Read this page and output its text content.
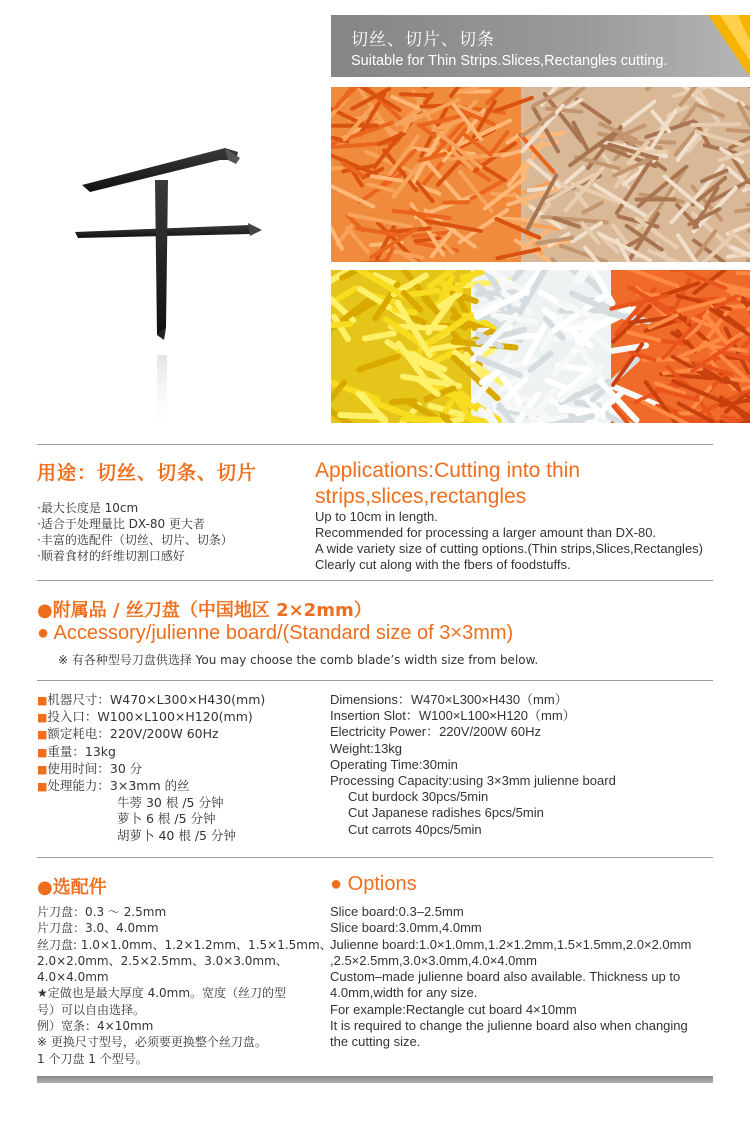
切丝、切片、切条
Suitable for Thin Strips.Slices,Rectangles cutting.
用途：切丝、切条、切片
·最大长度是 10cm
·适合于处理量比 DX-80 更大者
·丰富的选配件（切丝、切片、切条）
·顺着食材的纤维切割口感好
Applications:Cutting into thin strips,slices,rectangles
Up to 10cm in length.
Recommended for processing a larger amount than DX-80.
A wide variety size of cutting options.(Thin strips,Slices,Rectangles)
Clearly cut along with the fbers of foodstuffs.
●附属品 / 丝刀盘（中国地区 2×2mm）
● Accessory/julienne board/(Standard size of 3×3mm)
※ 有各种型号刀盘供选择 You may choose the comb blade’s width size from below.
■机器尺寸：W470×L300×H430(mm)
■投入口：W100×L100×H120(mm)
■额定耗电：220V/200W 60Hz
■重量：13kg
■使用时间：30 分
■处理能力：3×3mm 的丝
牛蒡 30 根 /5 分钟
萝卜 6 根 /5 分钟
胡萝卜 40 根 /5 分钟
Dimensions：W470×L300×H430（mm）
Insertion Slot：W100×L100×H120（mm）
Electricity Power：220V/200W 60Hz
Weight:13kg
Operating Time:30min
Processing Capacity:using 3×3mm julienne board
Cut burdock 30pcs/5min
Cut Japanese radishes 6pcs/5min
Cut carrots 40pcs/5min
●选配件	● Options
片刀盘：0.3 ～ 2.5mm
片刀盘：3.0、4.0mm
丝刀盘: 1.0×1.0mm、1.2×1.2mm、1.5×1.5mm、
2.0×2.0mm、2.5×2.5mm、3.0×3.0mm、
4.0×4.0mm
★定做也是最大厚度 4.0mm。宽度（丝刀的型
号）可以自由选择。
例）宽条：4×10mm
※ 更换尺寸型号，必须要更换整个丝刀盘。
1 个刀盘 1 个型号。
Slice board:0.3–2.5mm
Slice board:3.0mm,4.0mm
Julienne board:1.0×1.0mm,1.2×1.2mm,1.5×1.5mm,2.0×2.0mm
,2.5×2.5mm,3.0×3.0mm,4.0×4.0mm
Custom–made julienne board also available. Thickness up to
4.0mm,width for any size.
For example:Rectangle cut board 4×10mm
It is required to change the julienne board also when changing
the cutting size.
